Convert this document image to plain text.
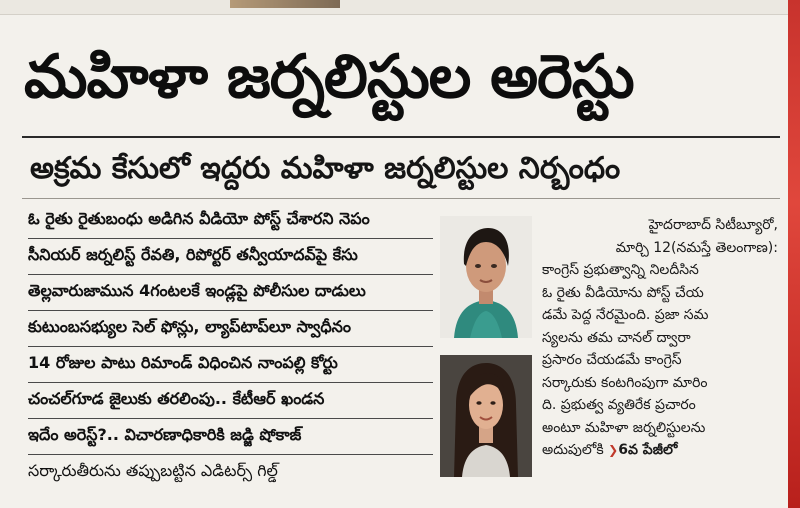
మహిళా జర్నలిస్టుల అరెస్టు
అక్రమ కేసులో ఇద్దరు మహిళా జర్నలిస్టుల నిర్బంధం
ఓ రైతు రైతుబంధు అడిగిన వీడియో పోస్ట్ చేశారని నెపం
సీనియర్ జర్నలిస్ట్ రేవతి, రిపోర్టర్ తన్వీయాదవ్‌పై కేసు
తెల్లవారుజామున 4గంటలకే ఇండ్లపై పోలీసుల దాడులు
కుటుంబసభ్యుల సెల్ ఫోన్లు, ల్యాప్‌టాప్‌లూ స్వాధీనం
14 రోజుల పాటు రిమాండ్ విధించిన నాంపల్లి కోర్టు
చంచల్‌గూడ జైలుకు తరలింపు.. కేటీఆర్ ఖండన
ఇదేం అరెస్ట్?.. విచారణాధికారికి జడ్జి షోకాజ్
సర్కారుతీరును తప్పుబట్టిన ఎడిటర్స్ గిల్డ్
హైదరాబాద్ సిటీబ్యూరో,
మార్చి 12(నమస్తే తెలంగాణ):
కాంగ్రెస్ ప్రభుత్వాన్ని నిలదీసిన
ఓ రైతు వీడియోను పోస్ట్ చేయ
డమే పెద్ద నేరమైంది. ప్రజా సమ
స్యలను తమ చానల్ ద్వారా
ప్రసారం చేయడమే కాంగ్రెస్
సర్కారుకు కంటగింపుగా మారిం
ది. ప్రభుత్వ వ్యతిరేక ప్రచారం
అంటూ మహిళా జర్నలిస్టులను
అదుపులోకి ❯6వ పేజీలో
